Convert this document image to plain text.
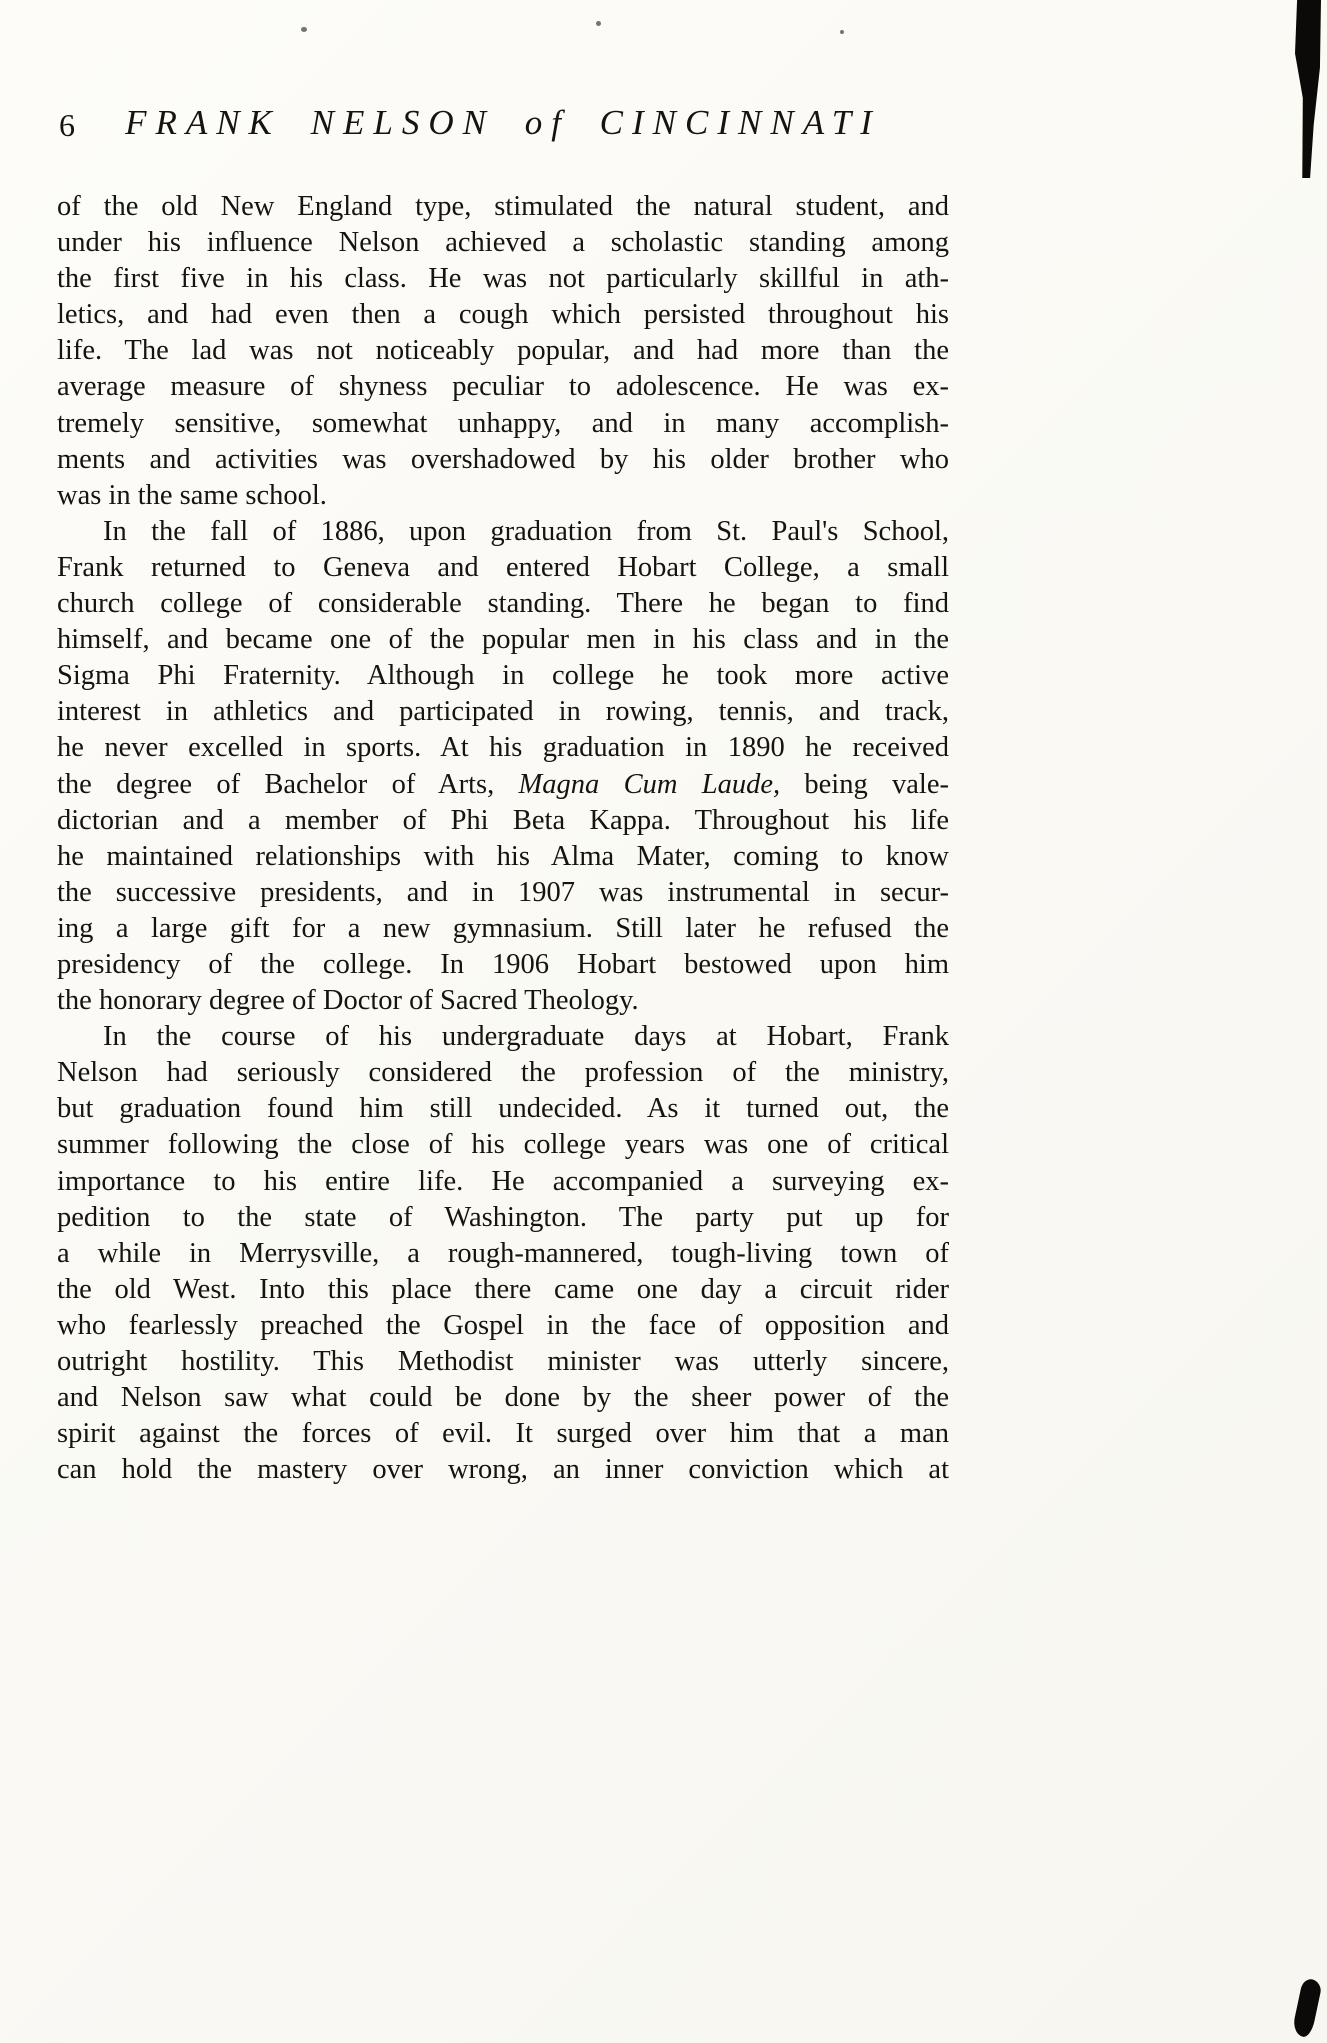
6	FRANK NELSON of CINCINNATI
of the old New England type, stimulated the natural student, and
under his influence Nelson achieved a scholastic standing among
the first five in his class. He was not particularly skillful in ath-
letics, and had even then a cough which persisted throughout his
life. The lad was not noticeably popular, and had more than the
average measure of shyness peculiar to adolescence. He was ex-
tremely sensitive, somewhat unhappy, and in many accomplish-
ments and activities was overshadowed by his older brother who
was in the same school.
In the fall of 1886, upon graduation from St. Paul's School,
Frank returned to Geneva and entered Hobart College, a small
church college of considerable standing. There he began to find
himself, and became one of the popular men in his class and in the
Sigma Phi Fraternity. Although in college he took more active
interest in athletics and participated in rowing, tennis, and track,
he never excelled in sports. At his graduation in 1890 he received
the degree of Bachelor of Arts, Magna Cum Laude, being vale-
dictorian and a member of Phi Beta Kappa. Throughout his life
he maintained relationships with his Alma Mater, coming to know
the successive presidents, and in 1907 was instrumental in secur-
ing a large gift for a new gymnasium. Still later he refused the
presidency of the college. In 1906 Hobart bestowed upon him
the honorary degree of Doctor of Sacred Theology.
In the course of his undergraduate days at Hobart, Frank
Nelson had seriously considered the profession of the ministry,
but graduation found him still undecided. As it turned out, the
summer following the close of his college years was one of critical
importance to his entire life. He accompanied a surveying ex-
pedition to the state of Washington. The party put up for
a while in Merrysville, a rough-mannered, tough-living town of
the old West. Into this place there came one day a circuit rider
who fearlessly preached the Gospel in the face of opposition and
outright hostility. This Methodist minister was utterly sincere,
and Nelson saw what could be done by the sheer power of the
spirit against the forces of evil. It surged over him that a man
can hold the mastery over wrong, an inner conviction which at
